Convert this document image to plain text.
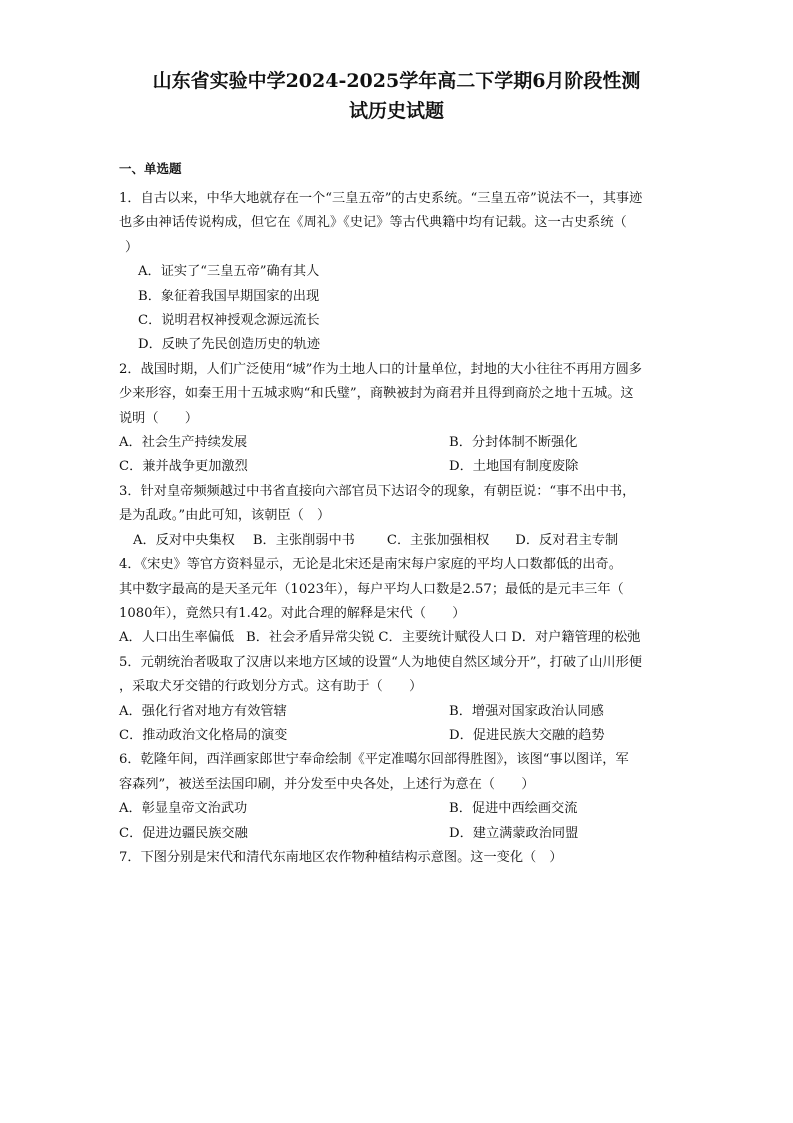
山东省实验中学2024-2025学年高二下学期6月阶段性测
试历史试题
一、单选题

1．自古以来，中华大地就存在一个“三皇五帝”的古史系统。“三皇五帝”说法不一，其事迹

也多由神话传说构成，但它在《周礼》《史记》等古代典籍中均有记载。这一古史系统（

）

A．证实了“三皇五帝”确有其人

B．象征着我国早期国家的出现

C．说明君权神授观念源远流长

D．反映了先民创造历史的轨迹

2．战国时期，人们广泛使用“城”作为土地人口的计量单位，封地的大小往往不再用方圆多

少来形容，如秦王用十五城求购“和氏璧”，商鞅被封为商君并且得到商於之地十五城。这

说明（　　）

A．社会生产持续发展	B．分封体制不断强化
C．兼并战争更加激烈	D．土地国有制度废除

3．针对皇帝频频越过中书省直接向六部官员下达诏令的现象，有朝臣说：“事不出中书，

是为乱政。”由此可知，该朝臣（　）

A．反对中央集权 B．主张削弱中书 C．主张加强相权 D．反对君主专制

4．《宋史》等官方资料显示，无论是北宋还是南宋每户家庭的平均人口数都低的出奇。

其中数字最高的是天圣元年（1023年），每户平均人口数是2.57；最低的是元丰三年（

1080年），竟然只有1.42。对此合理的解释是宋代（　　）

A．人口出生率偏低 B．社会矛盾异常尖锐 C．主要统计赋役人口 D．对户籍管理的松弛

5．元朝统治者吸取了汉唐以来地方区域的设置“人为地使自然区域分开”，打破了山川形便

，采取犬牙交错的行政划分方式。这有助于（　　）

A．强化行省对地方有效管辖	B．增强对国家政治认同感
C．推动政治文化格局的演变	D．促进民族大交融的趋势

6．乾隆年间，西洋画家郎世宁奉命绘制《平定准噶尔回部得胜图》，该图“事以图详，军

容森列”，被送至法国印刷，并分发至中央各处，上述行为意在（　　）

A．彰显皇帝文治武功	B．促进中西绘画交流
C．促进边疆民族交融	D．建立满蒙政治同盟

7．下图分别是宋代和清代东南地区农作物种植结构示意图。这一变化（　）
